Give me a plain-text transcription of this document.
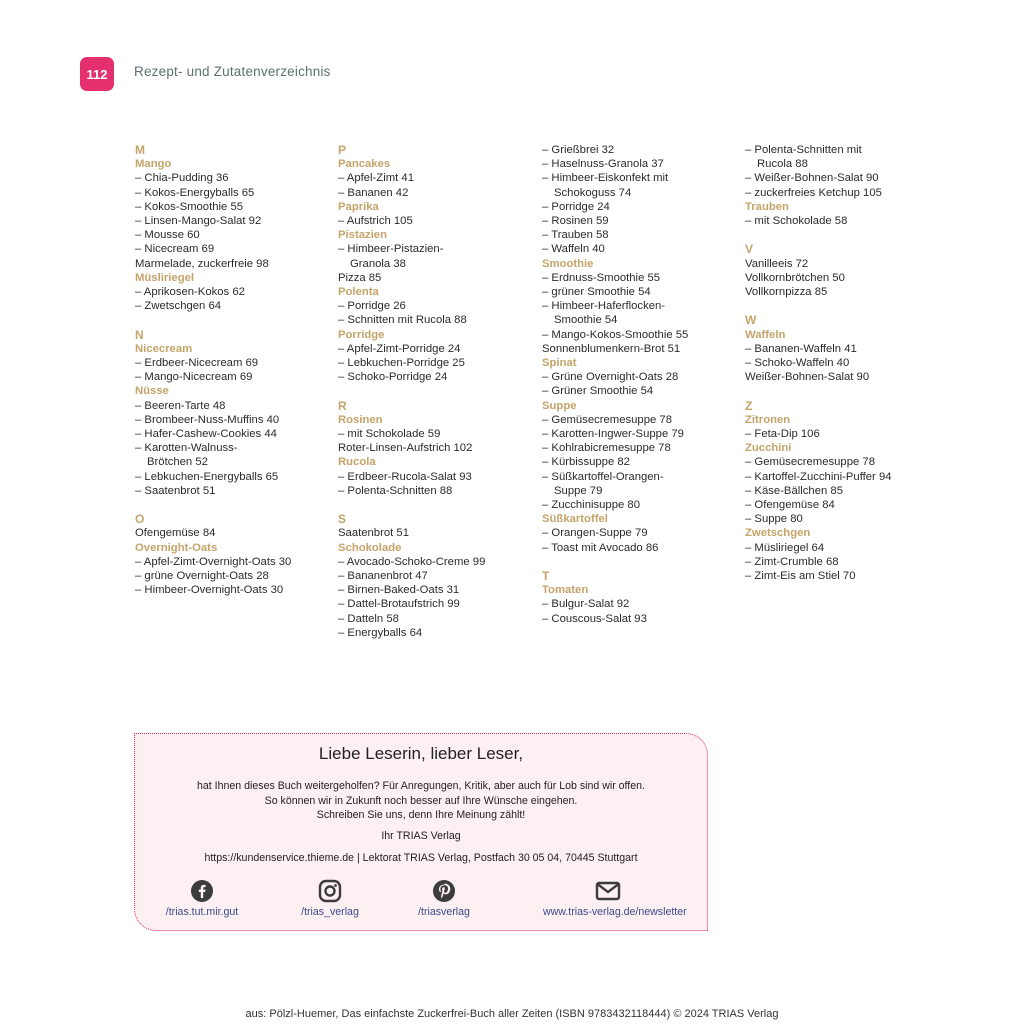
112	Rezept- und Zutatenverzeichnis
M
Mango
– Chia-Pudding 36
– Kokos-Energyballs 65
– Kokos-Smoothie 55
– Linsen-Mango-Salat 92
– Mousse 60
– Nicecream 69
Marmelade, zuckerfreie 98
Müsliriegel
– Aprikosen-Kokos 62
– Zwetschgen 64
N
Nicecream
– Erdbeer-Nicecream 69
– Mango-Nicecream 69
Nüsse
– Beeren-Tarte 48
– Brombeer-Nuss-Muffins 40
– Hafer-Cashew-Cookies 44
– Karotten-Walnuss-
Brötchen 52
– Lebkuchen-Energyballs 65
– Saatenbrot 51
O
Ofengemüse 84
Overnight-Oats
– Apfel-Zimt-Overnight-Oats 30
– grüne Overnight-Oats 28
– Himbeer-Overnight-Oats 30
P
Pancakes
– Apfel-Zimt 41
– Bananen 42
Paprika
– Aufstrich 105
Pistazien
– Himbeer-Pistazien-
Granola 38
Pizza 85
Polenta
– Porridge 26
– Schnitten mit Rucola 88
Porridge
– Apfel-Zimt-Porridge 24
– Lebkuchen-Porridge 25
– Schoko-Porridge 24
R
Rosinen
– mit Schokolade 59
Roter-Linsen-Aufstrich 102
Rucola
– Erdbeer-Rucola-Salat 93
– Polenta-Schnitten 88
S
Saatenbrot 51
Schokolade
– Avocado-Schoko-Creme 99
– Bananenbrot 47
– Birnen-Baked-Oats 31
– Dattel-Brotaufstrich 99
– Datteln 58
– Energyballs 64
– Grießbrei 32
– Haselnuss-Granola 37
– Himbeer-Eiskonfekt mit
Schokoguss 74
– Porridge 24
– Rosinen 59
– Trauben 58
– Waffeln 40
Smoothie
– Erdnuss-Smoothie 55
– grüner Smoothie 54
– Himbeer-Haferflocken-
Smoothie 54
– Mango-Kokos-Smoothie 55
Sonnenblumenkern-Brot 51
Spinat
– Grüne Overnight-Oats 28
– Grüner Smoothie 54
Suppe
– Gemüsecremesuppe 78
– Karotten-Ingwer-Suppe 79
– Kohlrabicremesuppe 78
– Kürbissuppe 82
– Süßkartoffel-Orangen-
Suppe 79
– Zucchinisuppe 80
Süßkartoffel
– Orangen-Suppe 79
– Toast mit Avocado 86
T
Tomaten
– Bulgur-Salat 92
– Couscous-Salat 93
– Polenta-Schnitten mit
Rucola 88
– Weißer-Bohnen-Salat 90
– zuckerfreies Ketchup 105
Trauben
– mit Schokolade 58
V
Vanilleeis 72
Vollkornbrötchen 50
Vollkornpizza 85
W
Waffeln
– Bananen-Waffeln 41
– Schoko-Waffeln 40
Weißer-Bohnen-Salat 90
Z
Zitronen
– Feta-Dip 106
Zucchini
– Gemüsecremesuppe 78
– Kartoffel-Zucchini-Puffer 94
– Käse-Bällchen 85
– Ofengemüse 84
– Suppe 80
Zwetschgen
– Müsliriegel 64
– Zimt-Crumble 68
– Zimt-Eis am Stiel 70
Liebe Leserin, lieber Leser,
hat Ihnen dieses Buch weitergeholfen? Für Anregungen, Kritik, aber auch für Lob sind wir offen.
So können wir in Zukunft noch besser auf Ihre Wünsche eingehen.
Schreiben Sie uns, denn Ihre Meinung zählt!
Ihr TRIAS Verlag
https://kundenservice.thieme.de | Lektorat TRIAS Verlag, Postfach 30 05 04, 70445 Stuttgart
/trias.tut.mir.gut	/trias_verlag	/triasverlag	www.trias-verlag.de/newsletter
aus: Pölzl-Huemer, Das einfachste Zuckerfrei-Buch aller Zeiten (ISBN 9783432118444) © 2024 TRIAS Verlag
